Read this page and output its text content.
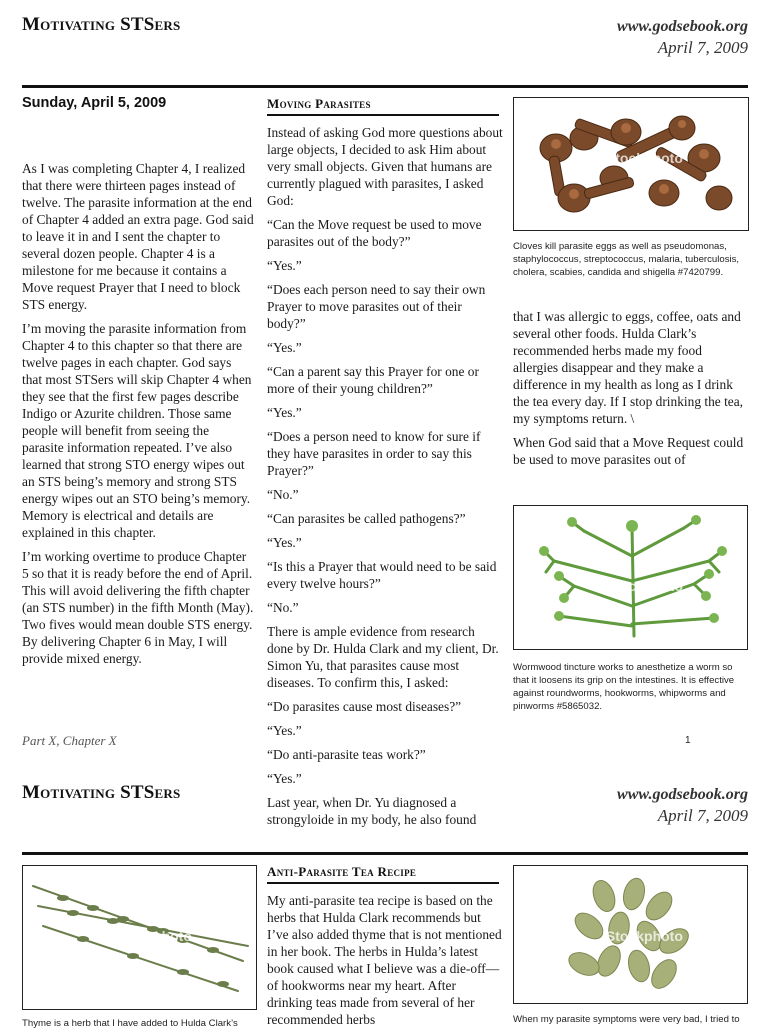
Motivating STSers	www.godsebook.org
April 7, 2009
Sunday, April 5, 2009

As I was completing Chapter 4, I realized that there were thirteen pages instead of twelve. The parasite information at the end of Chapter 4 added an extra page. God said to leave it in and I sent the chapter to several dozen people. Chapter 4 is a milestone for me because it contains a Move request Prayer that I need to block STS energy.

I’m moving the parasite information from Chapter 4 to this chapter so that there are twelve pages in each chapter. God says that most STSers will skip Chapter 4 when they see that the first few pages describe Indigo or Azurite children. Those same people will benefit from seeing the parasite information repeated. I’ve also learned that strong STO energy wipes out an STS being’s memory and strong STS energy wipes out an STO being’s memory. Memory is electrical and details are explained in this chapter.

I’m working overtime to produce Chapter 5 so that it is ready before the end of April. This will avoid delivering the fifth chapter (an STS number) in the fifth Month (May). Two fives would mean double STS energy. By delivering Chapter 6 in May, I will provide mixed energy.

Moving Parasites

Instead of asking God more questions about large objects, I decided to ask Him about very small objects. Given that humans are currently plagued with parasites, I asked God:

“Can the Move request be used to move parasites out of the body?”

“Yes.”

“Does each person need to say their own Prayer to move parasites out of their body?”

“Yes.”

“Can a parent say this Prayer for one or more of their young children?”

“Yes.”

“Does a person need to know for sure if they have parasites in order to say this Prayer?”

“No.”

“Can parasites be called pathogens?”

“Yes.”

“Is this a Prayer that would need to be said every twelve hours?”

“No.”

There is ample evidence from research done by Dr. Hulda Clark and my client, Dr. Simon Yu, that parasites cause most diseases. To confirm this, I asked:

“Do parasites cause most diseases?”

“Yes.”

“Do anti-parasite teas work?”

“Yes.”

Last year, when Dr. Yu diagnosed a strongyloide in my body, he also found

iStockphoto
Cloves kill parasite eggs as well as pseudomonas, staphylococcus, streptococcus, malaria, tuberculosis, cholera, scabies, candida and shigella #7420799.

that I was allergic to eggs, coffee, oats and several other foods. Hulda Clark’s recommended herbs made my food allergies disappear and they make a difference in my health as long as I drink the tea every day. If I stop drinking the tea, my symptoms return. \

When God said that a Move Request could be used to move parasites out of

iStockphoto
Wormwood tincture works to anesthetize a worm so that it loosens its grip on the intestines. It is effective against roundworms, hookworms, whipworms and pinworms #5865032.
Part X, Chapter X	1
Motivating STSers	www.godsebook.org
April 7, 2009
iStockphoto
Thyme is a herb that I have added to Hulda Clark’s
Anti-Parasite Tea Recipe

My anti-parasite tea recipe is based on the herbs that Hulda Clark recommends but I’ve also added thyme that is not mentioned in her book. The herbs in Hulda’s latest book caused what I believe was a die-off—of hookworms near my heart. After drinking teas made from several of her recommended herbs

iStockphoto
When my parasite symptoms were very bad, I tried to
